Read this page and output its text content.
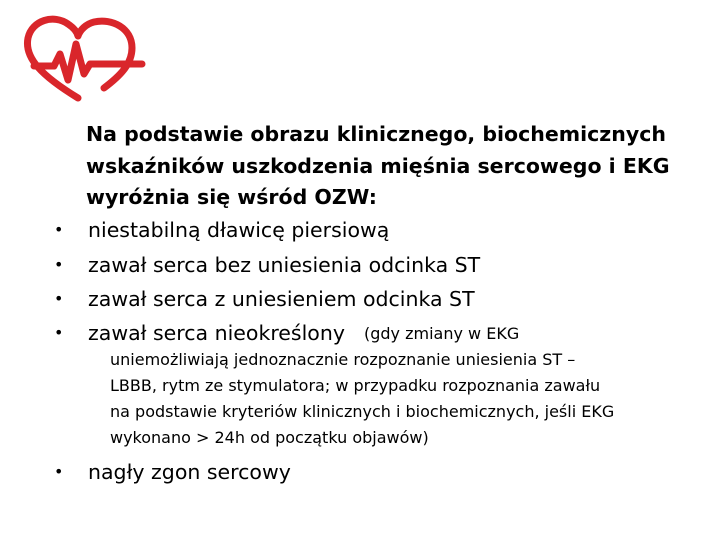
Na podstawie obrazu klinicznego, biochemicznych
wskaźników uszkodzenia mięśnia sercowego i EKG
wyróżnia się wśród OZW:
• niestabilną dławicę piersiową
• zawał serca bez uniesienia odcinka ST
• zawał serca z uniesieniem odcinka ST
• zawał serca nieokreślony (gdy zmiany w EKG
uniemożliwiają jednoznacznie rozpoznanie uniesienia ST –
LBBB, rytm ze stymulatora; w przypadku rozpoznania zawału
na podstawie kryteriów klinicznych i biochemicznych, jeśli EKG
wykonano > 24h od początku objawów)
• nagły zgon sercowy
